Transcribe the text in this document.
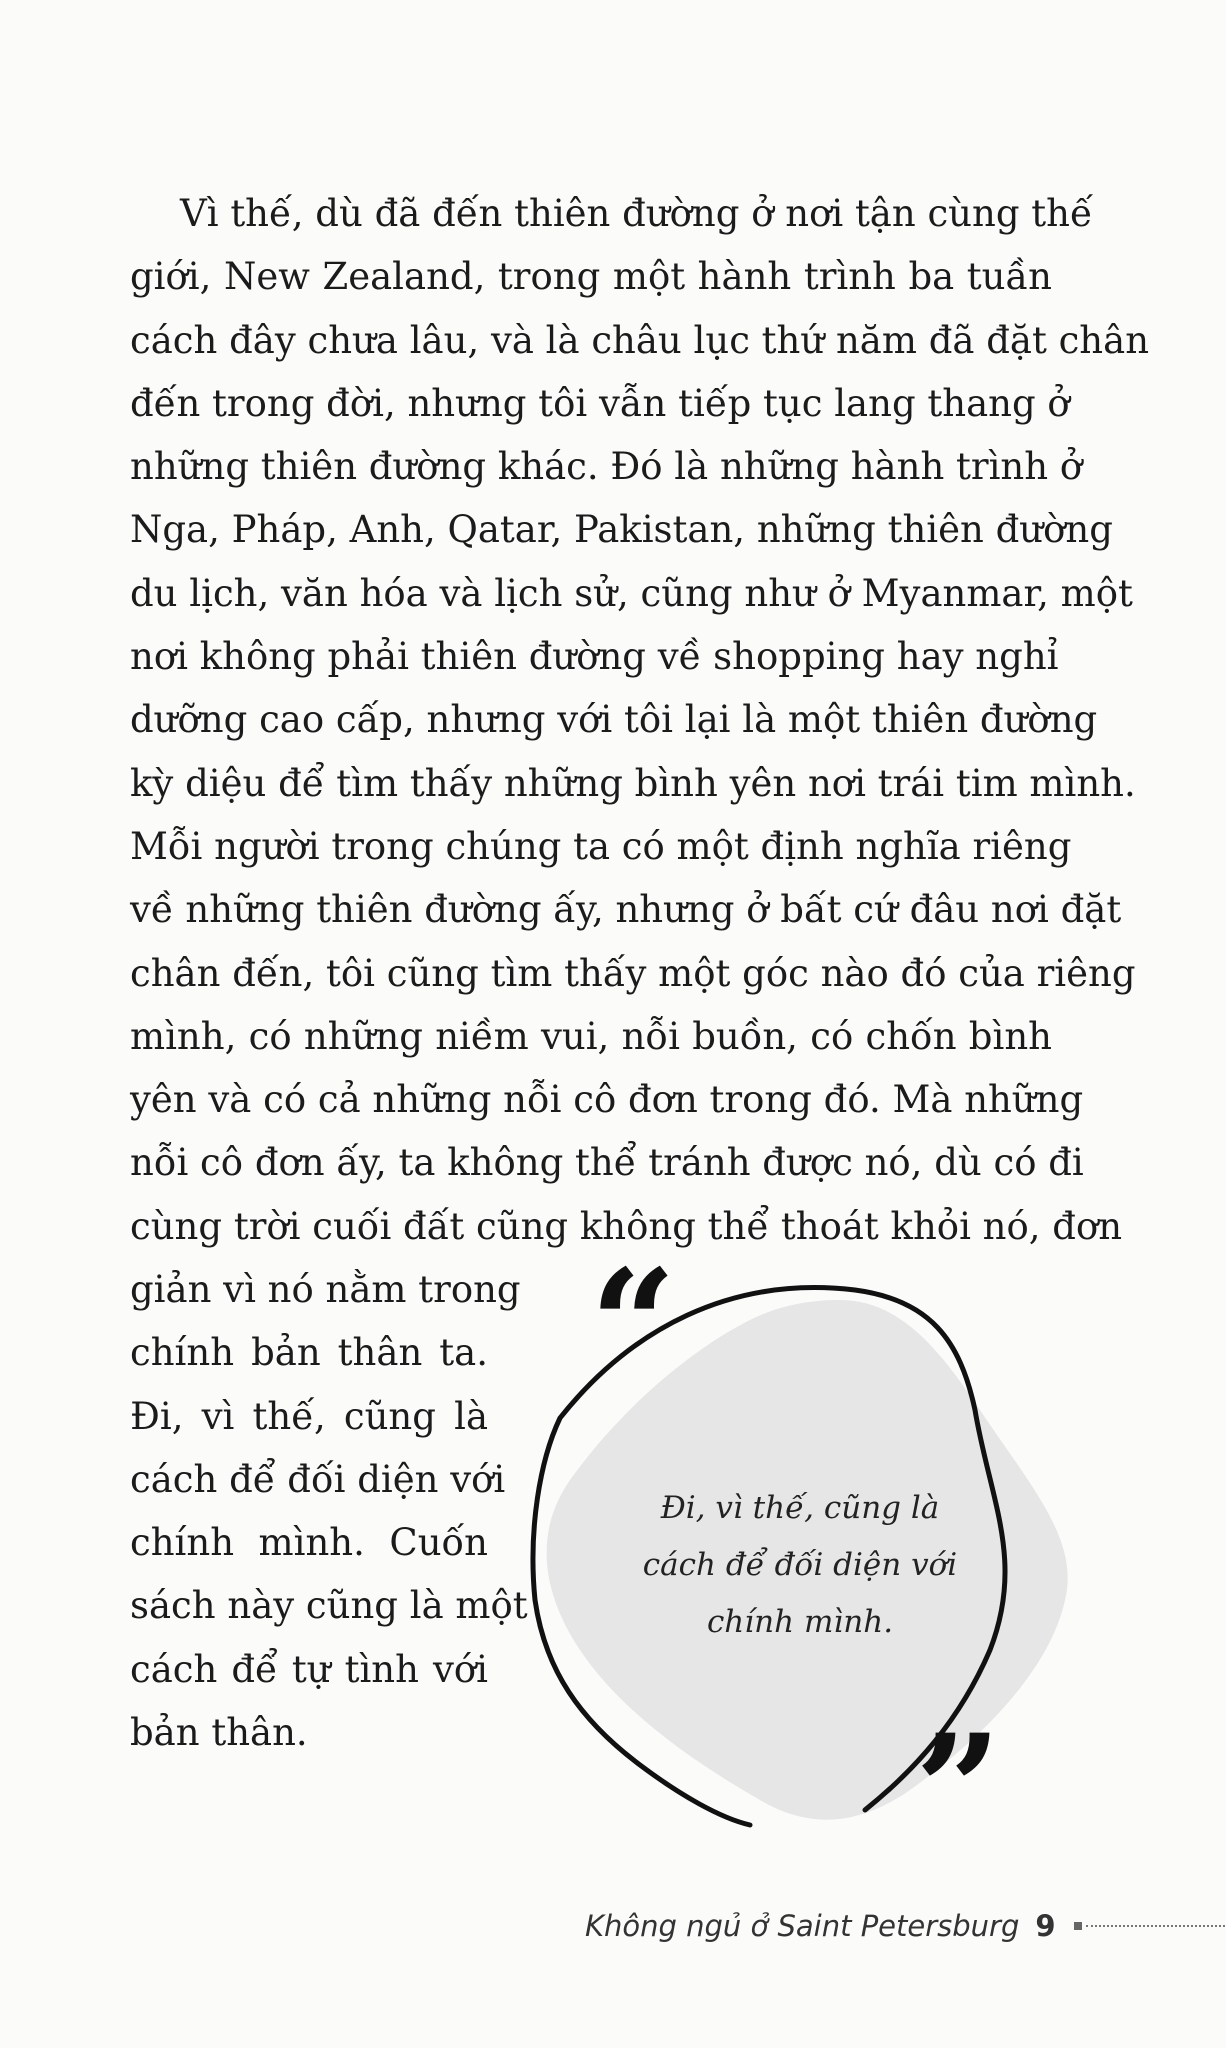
Vì thế, dù đã đến thiên đường ở nơi tận cùng thế
giới, New Zealand, trong một hành trình ba tuần
cách đây chưa lâu, và là châu lục thứ năm đã đặt chân
đến trong đời, nhưng tôi vẫn tiếp tục lang thang ở
những thiên đường khác. Đó là những hành trình ở
Nga, Pháp, Anh, Qatar, Pakistan, những thiên đường
du lịch, văn hóa và lịch sử, cũng như ở Myanmar, một
nơi không phải thiên đường về shopping hay nghỉ
dưỡng cao cấp, nhưng với tôi lại là một thiên đường
kỳ diệu để tìm thấy những bình yên nơi trái tim mình.
Mỗi người trong chúng ta có một định nghĩa riêng
về những thiên đường ấy, nhưng ở bất cứ đâu nơi đặt
chân đến, tôi cũng tìm thấy một góc nào đó của riêng
mình, có những niềm vui, nỗi buồn, có chốn bình
yên và có cả những nỗi cô đơn trong đó. Mà những
nỗi cô đơn ấy, ta không thể tránh được nó, dù có đi
cùng trời cuối đất cũng không thể thoát khỏi nó, đơn
giản vì nó nằm trong
chính bản thân ta.
Đi, vì thế, cũng là
cách để đối diện với
chính mình. Cuốn
sách này cũng là một
cách để tự tình với
bản thân.
“
”
Đi, vì thế, cũng là
cách để đối diện với
chính mình.
Không ngủ ở Saint Petersburg 9
